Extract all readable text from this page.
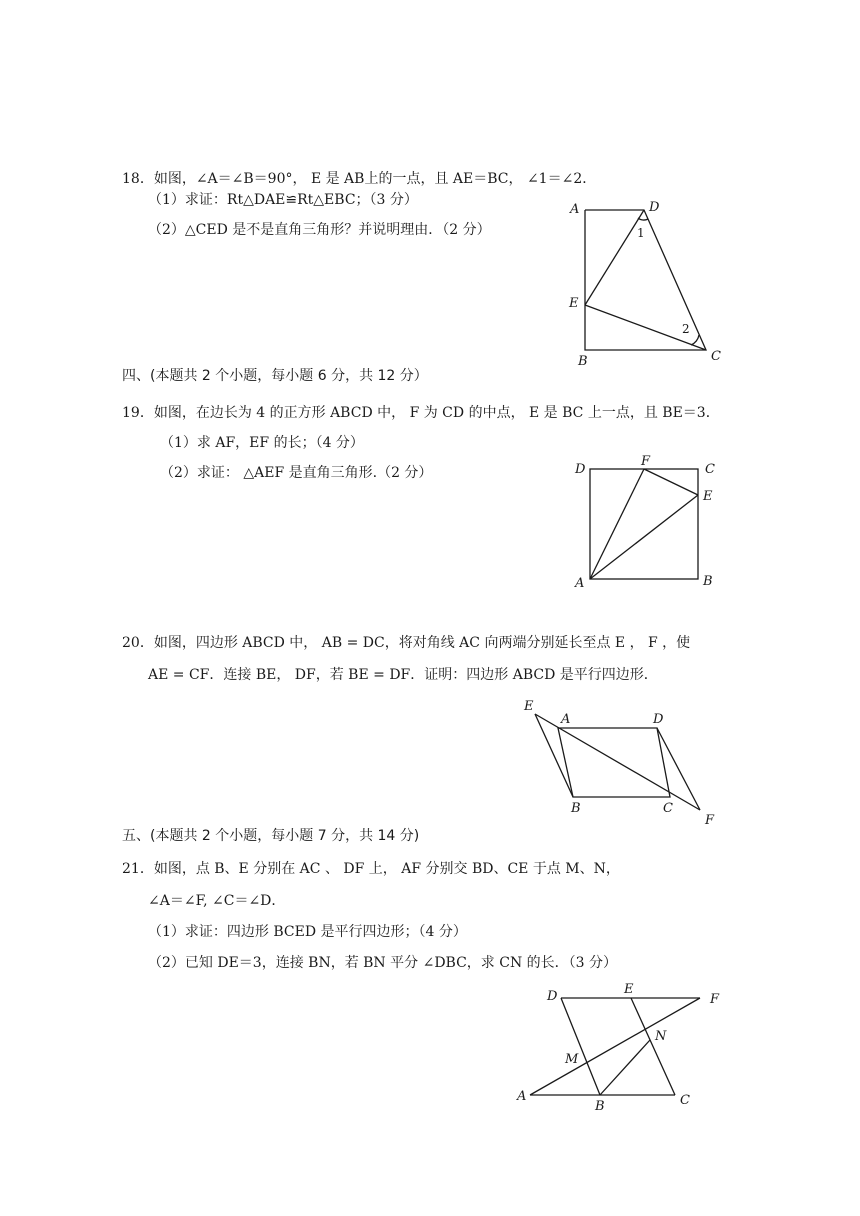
18．如图，∠A＝∠B＝90°， E 是 AB上的一点，且 AE＝BC， ∠1＝∠2．
（1）求证：Rt△DAE≌Rt△EBC；（3 分）
（2）△CED 是不是直角三角形？并说明理由．（2 分）
A	D
1
E
2
B	C
四、(本题共 2 个小题，每小题 6 分，共 12 分）
19．如图，在边长为 4 的正方形 ABCD 中， F 为 CD 的中点， E 是 BC 上一点，且 BE＝3．
（1）求 AF，EF 的长；（4 分）
（2）求证： △AEF 是直角三角形.（2 分）	D
F
C
E
A	B
20．如图，四边形 ABCD 中， AB = DC，将对角线 AC 向两端分别延长至点 E ， F ，使
AE = CF．连接 BE， DF，若 BE = DF．证明：四边形 ABCD 是平行四边形．
E
A	D
B	C
F
五、(本题共 2 个小题，每小题 7 分，共 14 分)
21．如图，点 B、E 分别在 AC 、 DF 上， AF 分别交 BD、CE 于点 M、N，
∠A＝∠F, ∠C＝∠D．
（1）求证：四边形 BCED 是平行四边形；（4 分）
（2）已知 DE＝3，连接 BN，若 BN 平分 ∠DBC，求 CN 的长．（3 分）
D	E
F
N
M
A
B	C
